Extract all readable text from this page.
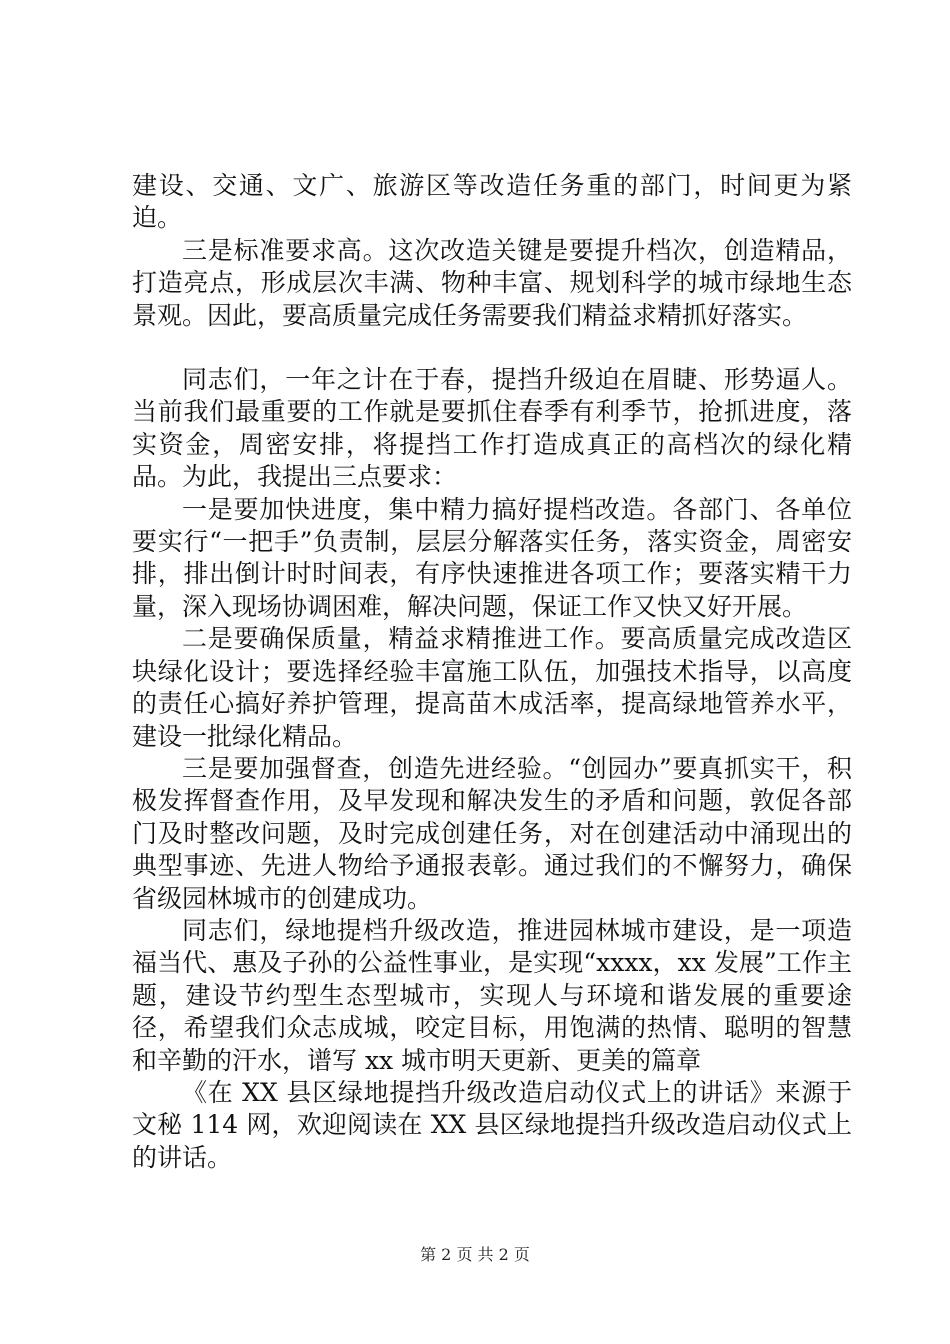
建设、交通、文广、旅游区等改造任务重的部门，时间更为紧迫。

三是标准要求高。这次改造关键是要提升档次，创造精品，打造亮点，形成层次丰满、物种丰富、规划科学的城市绿地生态景观。因此，要高质量完成任务需要我们精益求精抓好落实。

同志们，一年之计在于春，提挡升级迫在眉睫、形势逼人。当前我们最重要的工作就是要抓住春季有利季节，抢抓进度，落实资金，周密安排，将提挡工作打造成真正的高档次的绿化精品。为此，我提出三点要求：

一是要加快进度，集中精力搞好提档改造。各部门、各单位要实行“一把手”负责制，层层分解落实任务，落实资金，周密安排，排出倒计时时间表，有序快速推进各项工作；要落实精干力量，深入现场协调困难，解决问题，保证工作又快又好开展。

二是要确保质量，精益求精推进工作。要高质量完成改造区块绿化设计；要选择经验丰富施工队伍，加强技术指导，以高度的责任心搞好养护管理，提高苗木成活率，提高绿地管养水平，建设一批绿化精品。

三是要加强督查，创造先进经验。“创园办”要真抓实干，积极发挥督查作用，及早发现和解决发生的矛盾和问题，敦促各部门及时整改问题，及时完成创建任务，对在创建活动中涌现出的典型事迹、先进人物给予通报表彰。通过我们的不懈努力，确保省级园林城市的创建成功。

同志们，绿地提档升级改造，推进园林城市建设，是一项造福当代、惠及子孙的公益性事业，是实现“xxxx，xx 发展”工作主题，建设节约型生态型城市，实现人与环境和谐发展的重要途径，希望我们众志成城，咬定目标，用饱满的热情、聪明的智慧和辛勤的汗水，谱写 xx 城市明天更新、更美的篇章

《在 XX 县区绿地提挡升级改造启动仪式上的讲话》来源于文秘 114 网，欢迎阅读在 XX 县区绿地提挡升级改造启动仪式上的讲话。

第 2 页 共 2 页
